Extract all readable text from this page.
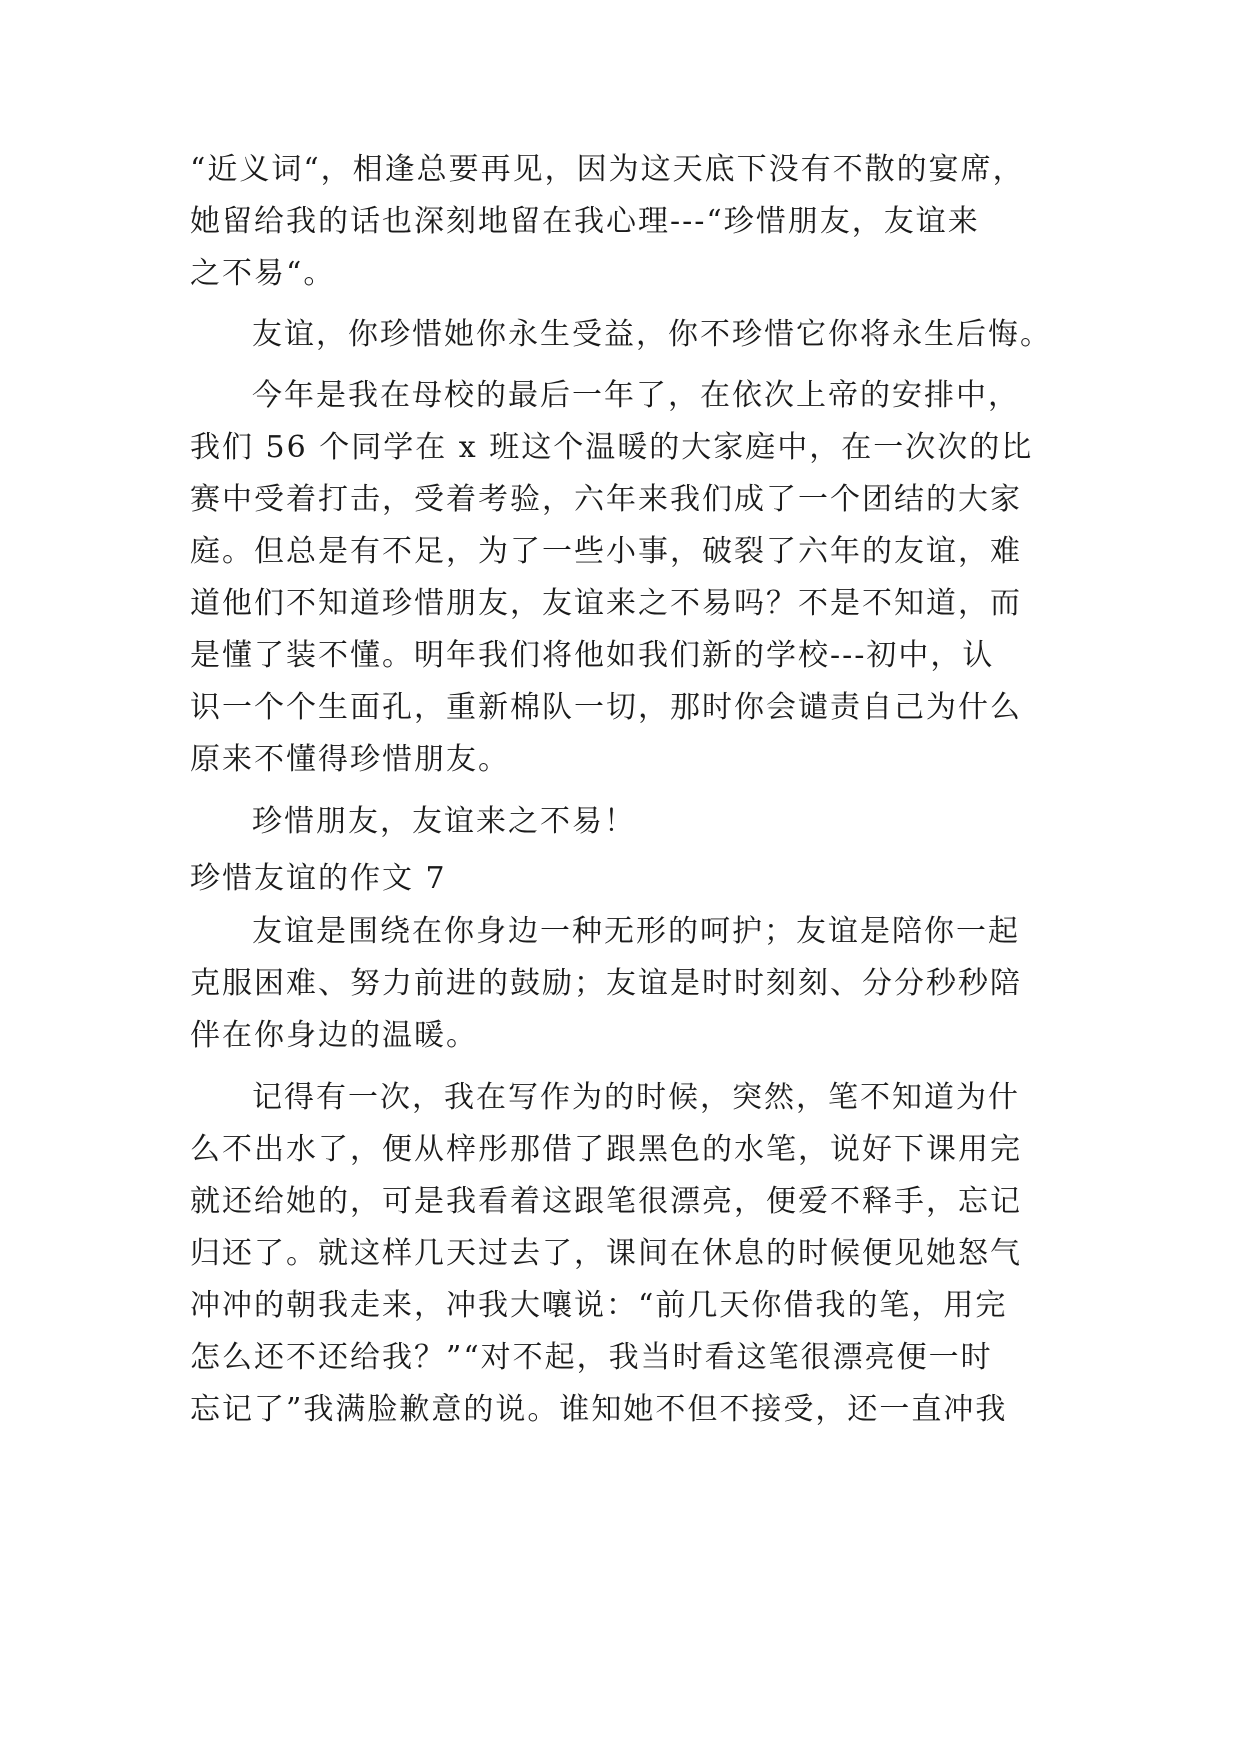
“近义词“，相逢总要再见，因为这天底下没有不散的宴席，
她留给我的话也深刻地留在我心理---“珍惜朋友，友谊来
之不易“。
友谊，你珍惜她你永生受益，你不珍惜它你将永生后悔。
今年是我在母校的最后一年了，在依次上帝的安排中，
我们 56 个同学在 x 班这个温暖的大家庭中，在一次次的比
赛中受着打击，受着考验，六年来我们成了一个团结的大家
庭。但总是有不足，为了一些小事，破裂了六年的友谊，难
道他们不知道珍惜朋友，友谊来之不易吗？不是不知道，而
是懂了装不懂。明年我们将他如我们新的学校---初中，认
识一个个生面孔，重新棉队一切，那时你会谴责自己为什么
原来不懂得珍惜朋友。
珍惜朋友，友谊来之不易！
珍惜友谊的作文 7
友谊是围绕在你身边一种无形的呵护；友谊是陪你一起
克服困难、努力前进的鼓励；友谊是时时刻刻、分分秒秒陪
伴在你身边的温暖。
记得有一次，我在写作为的时候，突然，笔不知道为什
么不出水了，便从梓彤那借了跟黑色的水笔，说好下课用完
就还给她的，可是我看着这跟笔很漂亮，便爱不释手，忘记
归还了。就这样几天过去了，课间在休息的时候便见她怒气
冲冲的朝我走来，冲我大嚷说：“前几天你借我的笔，用完
怎么还不还给我？”“对不起，我当时看这笔很漂亮便一时
忘记了”我满脸歉意的说。谁知她不但不接受，还一直冲我
